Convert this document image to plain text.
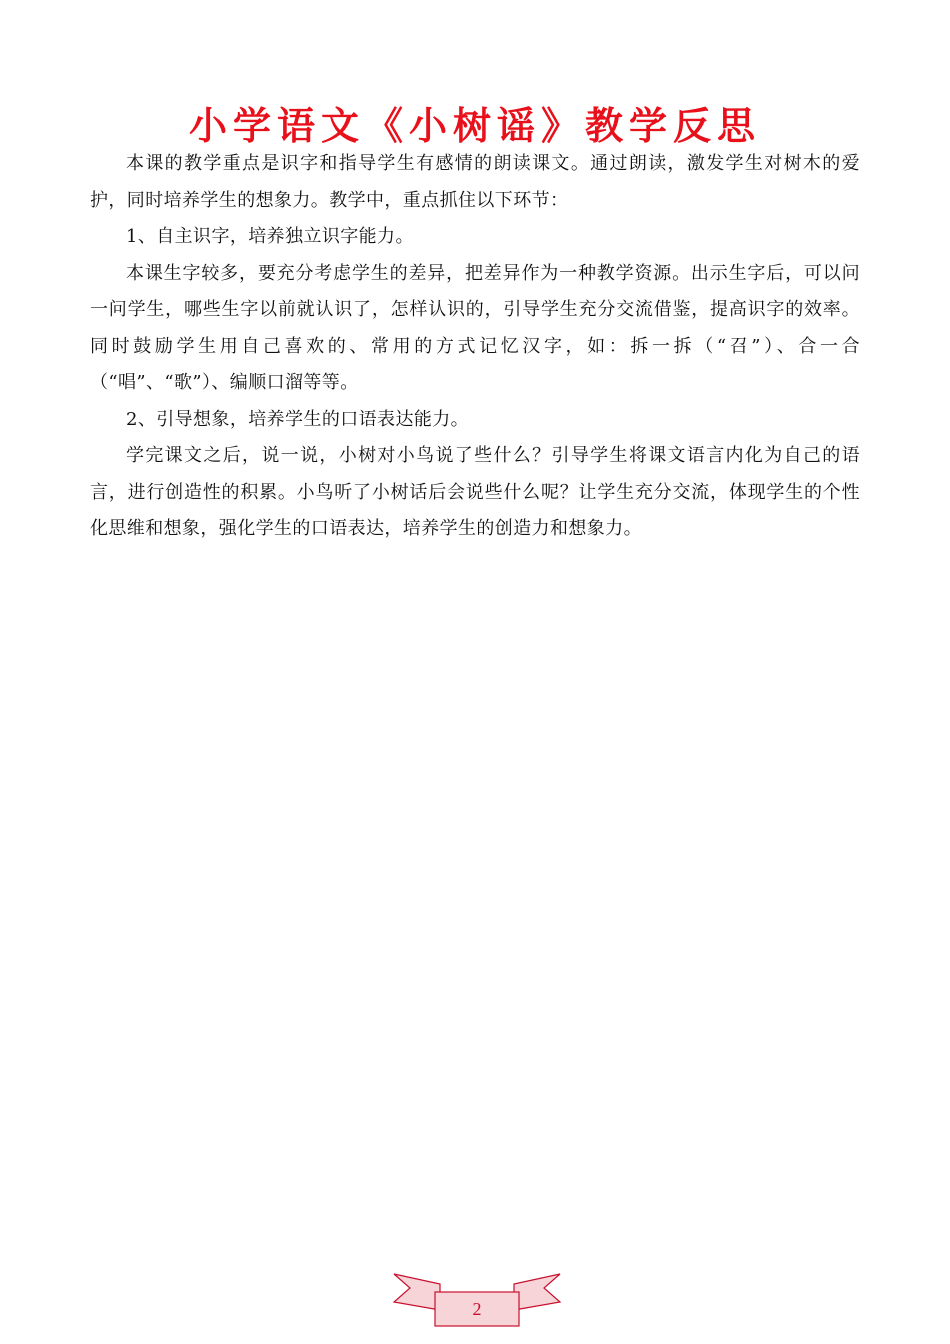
小学语文《小树谣》教学反思

本课的教学重点是识字和指导学生有感情的朗读课文。通过朗读，激发学生对树木的爱护，同时培养学生的想象力。教学中，重点抓住以下环节：

1、自主识字，培养独立识字能力。

本课生字较多，要充分考虑学生的差异，把差异作为一种教学资源。出示生字后，可以问一问学生，哪些生字以前就认识了，怎样认识的，引导学生充分交流借鉴，提高识字的效率。同时鼓励学生用自己喜欢的、常用的方式记忆汉字，如：拆一拆（“召”）、合一合（“唱”、“歌”）、编顺口溜等等。

2、引导想象，培养学生的口语表达能力。

学完课文之后，说一说，小树对小鸟说了些什么？引导学生将课文语言内化为自己的语言，进行创造性的积累。小鸟听了小树话后会说些什么呢？让学生充分交流，体现学生的个性化思维和想象，强化学生的口语表达，培养学生的创造力和想象力。

2
